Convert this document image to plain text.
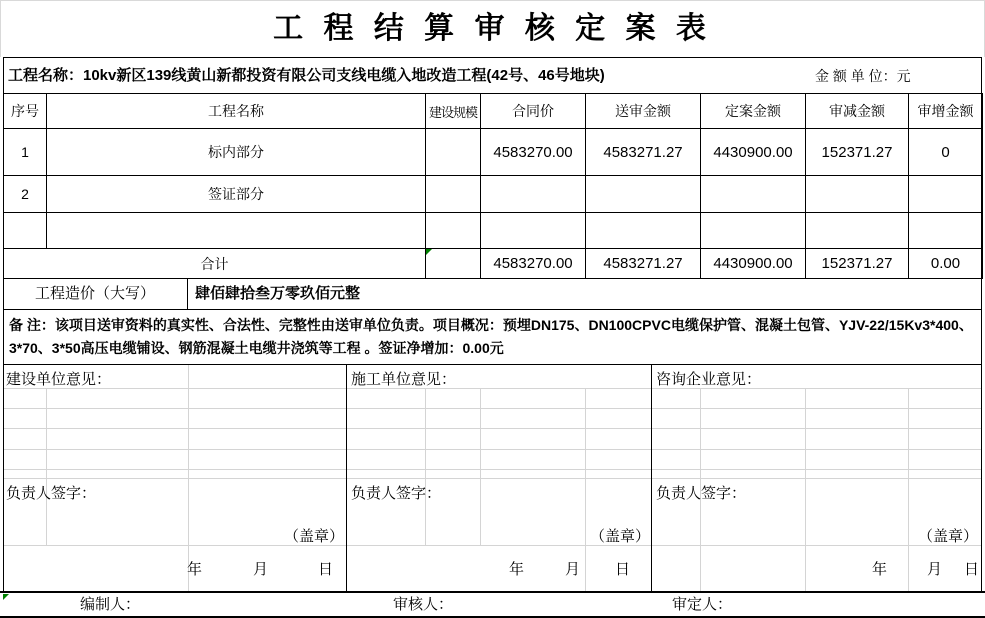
工 程 结 算 审 核 定 案 表
工程名称：10kv新区139线黄山新都投资有限公司支线电缆入地改造工程(42号、46号地块)	金 额 单 位：元
序号	工程名称	建设规模	合同价	送审金额	定案金额	审减金额	审增金额
1	标内部分		4583270.00	4583271.27	4430900.00	152371.27	0
2	签证部分						

合计			4583270.00	4583271.27	4430900.00	152371.27	0.00
工程造价（大写）	肆佰肆拾叁万零玖佰元整
备 注：该项目送审资料的真实性、合法性、完整性由送审单位负责。项目概况：预埋DN175、DN100CPVC电缆保护管、混凝土包管、YJV-22/15Kv3*400、3*70、3*50高压电缆铺设、钢筋混凝土电缆井浇筑等工程 。签证净增加：0.00元
建设单位意见：
负责人签字：
（盖章）
年	月	日
施工单位意见：
负责人签字：
（盖章）
年	月 日
咨询企业意见：
负责人签字：
（盖章）
年	月 日
编制人：	审核人：	审定人：
